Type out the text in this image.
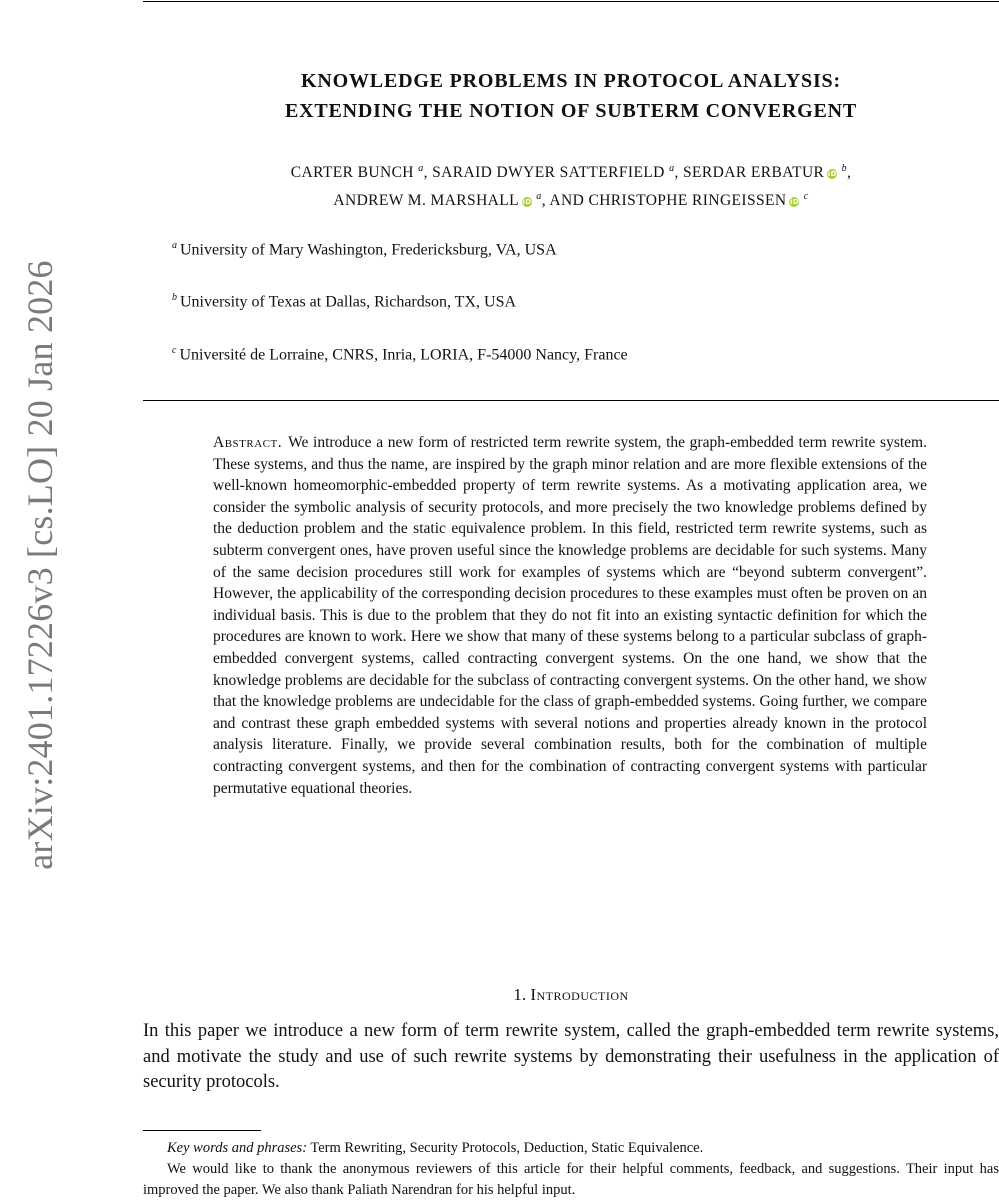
arXiv:2401.17226v3 [cs.LO] 20 Jan 2026
KNOWLEDGE PROBLEMS IN PROTOCOL ANALYSIS:
EXTENDING THE NOTION OF SUBTERM CONVERGENT
CARTER BUNCH $^a$, SARAID DWYER SATTERFIELD $^a$, SERDAR ERBATUR iD $^b$,
ANDREW M. MARSHALL iD $^a$, AND CHRISTOPHE RINGEISSEN iD $^c$
$^a$ University of Mary Washington, Fredericksburg, VA, USA
$^b$ University of Texas at Dallas, Richardson, TX, USA
$^c$ Université de Lorraine, CNRS, Inria, LORIA, F-54000 Nancy, France
Abstract. We introduce a new form of restricted term rewrite system, the graph-embedded term rewrite system. These systems, and thus the name, are inspired by the graph minor relation and are more flexible extensions of the well-known homeomorphic-embedded property of term rewrite systems. As a motivating application area, we consider the symbolic analysis of security protocols, and more precisely the two knowledge problems defined by the deduction problem and the static equivalence problem. In this field, restricted term rewrite systems, such as subterm convergent ones, have proven useful since the knowledge problems are decidable for such systems. Many of the same decision procedures still work for examples of systems which are “beyond subterm convergent”. However, the applicability of the corresponding decision procedures to these examples must often be proven on an individual basis. This is due to the problem that they do not fit into an existing syntactic definition for which the procedures are known to work. Here we show that many of these systems belong to a particular subclass of graph-embedded convergent systems, called contracting convergent systems. On the one hand, we show that the knowledge problems are decidable for the subclass of contracting convergent systems. On the other hand, we show that the knowledge problems are undecidable for the class of graph-embedded systems. Going further, we compare and contrast these graph embedded systems with several notions and properties already known in the protocol analysis literature. Finally, we provide several combination results, both for the combination of multiple contracting convergent systems, and then for the combination of contracting convergent systems with particular permutative equational theories.
1. Introduction
In this paper we introduce a new form of term rewrite system, called the graph-embedded term rewrite systems, and motivate the study and use of such rewrite systems by demonstrating their usefulness in the application of security protocols.

Key words and phrases: Term Rewriting, Security Protocols, Deduction, Static Equivalence.

We would like to thank the anonymous reviewers of this article for their helpful comments, feedback, and suggestions. Their input has improved the paper. We also thank Paliath Narendran for his helpful input.
